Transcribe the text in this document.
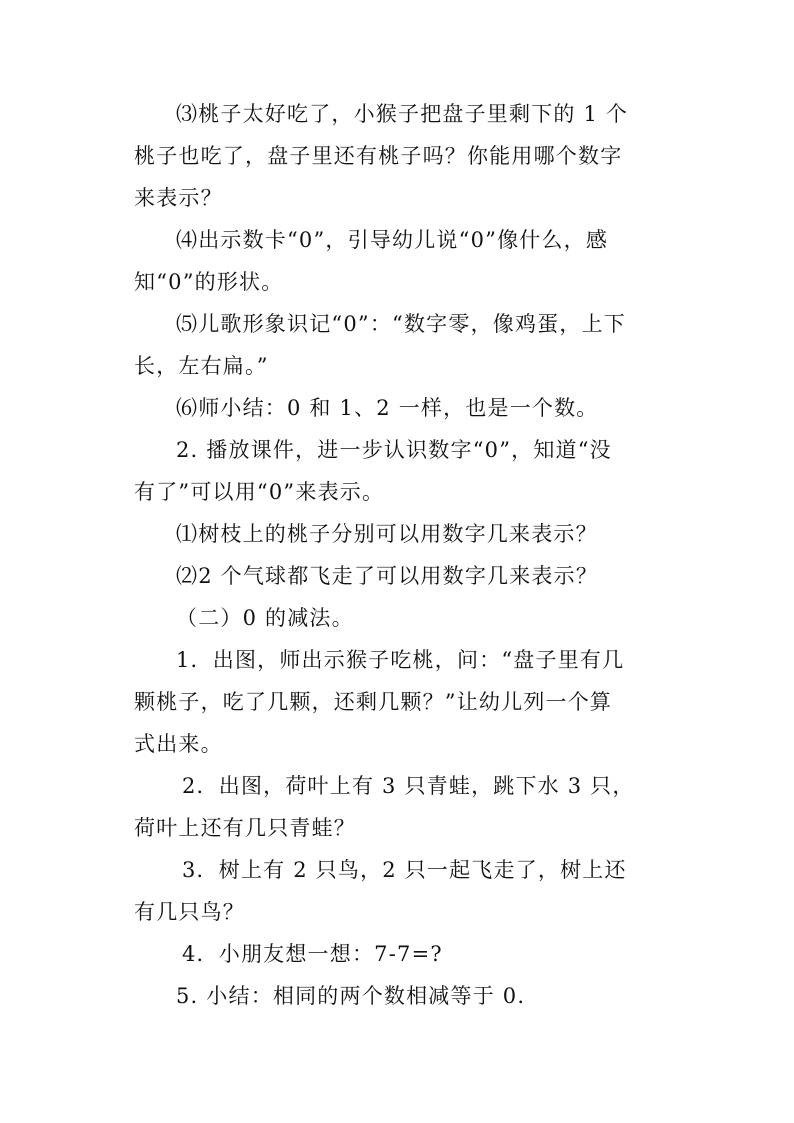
⑶桃子太好吃了，小猴子把盘子里剩下的 1 个

桃子也吃了，盘子里还有桃子吗？你能用哪个数字

来表示？

⑷出示数卡“0”，引导幼儿说“0”像什么，感

知“0”的形状。

⑸儿歌形象识记“0”：“数字零，像鸡蛋，上下

长，左右扁。”

⑹师小结：0 和 1、2 一样，也是一个数。

2. 播放课件，进一步认识数字“0”，知道“没

有了”可以用“0”来表示。

⑴树枝上的桃子分别可以用数字几来表示？

⑵2 个气球都飞走了可以用数字几来表示？

（二）0 的减法。

1．出图，师出示猴子吃桃，问：“盘子里有几

颗桃子，吃了几颗，还剩几颗？”让幼儿列一个算

式出来。

2．出图，荷叶上有 3 只青蛙，跳下水 3 只，

荷叶上还有几只青蛙？

3．树上有 2 只鸟，2 只一起飞走了，树上还

有几只鸟？

4．小朋友想一想：7-7=?

5. 小结：相同的两个数相减等于 0.
